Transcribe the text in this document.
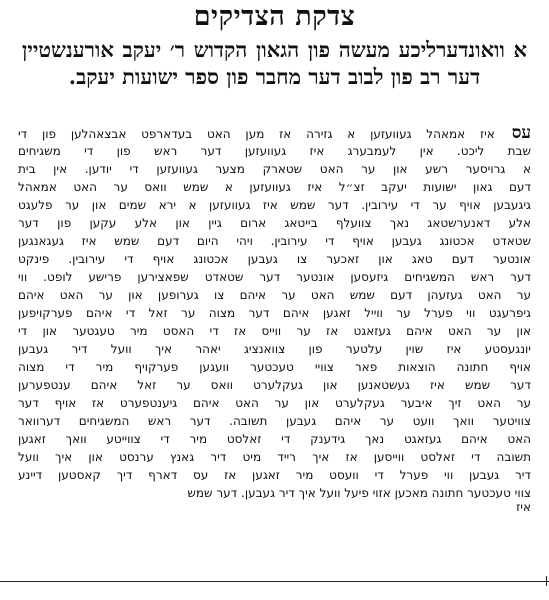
צדקת הצדיקים
א וואונדערליכע מעשה פון הגאון הקדוש ר׳ יעקב אורענשטיין דער רב פון לבוב דער מחבר פון ספר ישועות יעקב.
עס איז אמאהל געוועזען א גזירה אז מען האט בעדארפט אבצאהלען פון די
שבת ליכט. אין לעמבערג איז געוועזען דער ראש פון די משגיחים
א גרויסער רשע און ער האט שטארק מצער געוועזען די יודען. אין בית
דעם גאון ישועות יעקב זצ״ל איז געוועזען א שמש וואס ער האט אמאהל
גיגעבען אויף ער די עירובין. דער שמש איז געוועזען א ירא שמים און ער פלעגט
אלע דאנערשטאג נאך צוועלף בייטאג ארום גיין און אלע עקען פון דער
שטאדט אכטונג געבען אויף די עירובין. ויהי היום דעם שמש איז געגאנגען
אונטער דעם טאג און זאכער צו געבען אכטונג אויף די עירובין. פינקט
דער ראש המשגיחים גיזעסען אונטער דער שטאדט שפאצירען פרישע לופט. ווי
ער האט געזעהן דעם שמש האט ער איהם צו גערופען און ער האט איהם
גיפרעגט ווי פערל ער ווייל זאגען איהם דער מצוה ער זאל די איהם פערקויפען
און ער האט איהם געזאגט אז ער ווייס אז די האסט מיר טעגטער און די
יונגעסטע איז שוין עלטער פון צוואנציג יאהר איך וועל דיר געבען
אויף חתונה הוצאות פאר צוויי טעכטער וועגען פערקויף מיר די מצוה
דער שמש איז געשטאנען און געקלערט וואס ער זאל איהם ענטפערען
ער האט זיך איבער געקלערט און ער האט איהם גיענטפערט אז אויף דער
צוויטער וואך וועט ער איהם געבען תשובה. דער ראש המשגיחים דערוואר
האט איהם געזאגט נאך גידענק די זאלסט מיר די צווייטע וואך זאגען
תשובה די זאלסט ווייסען אז איך רייד מיט דיר גאנץ ערנסט און איך וועל
דיר געבען ווי פערל די וועסט מיר זאגען אז עס דארף דיך קאסטען דיינע
צווי טעכטער חתונה מאכען אזוי פיעל וועל איך דיר געבען. דער שמש
איז
